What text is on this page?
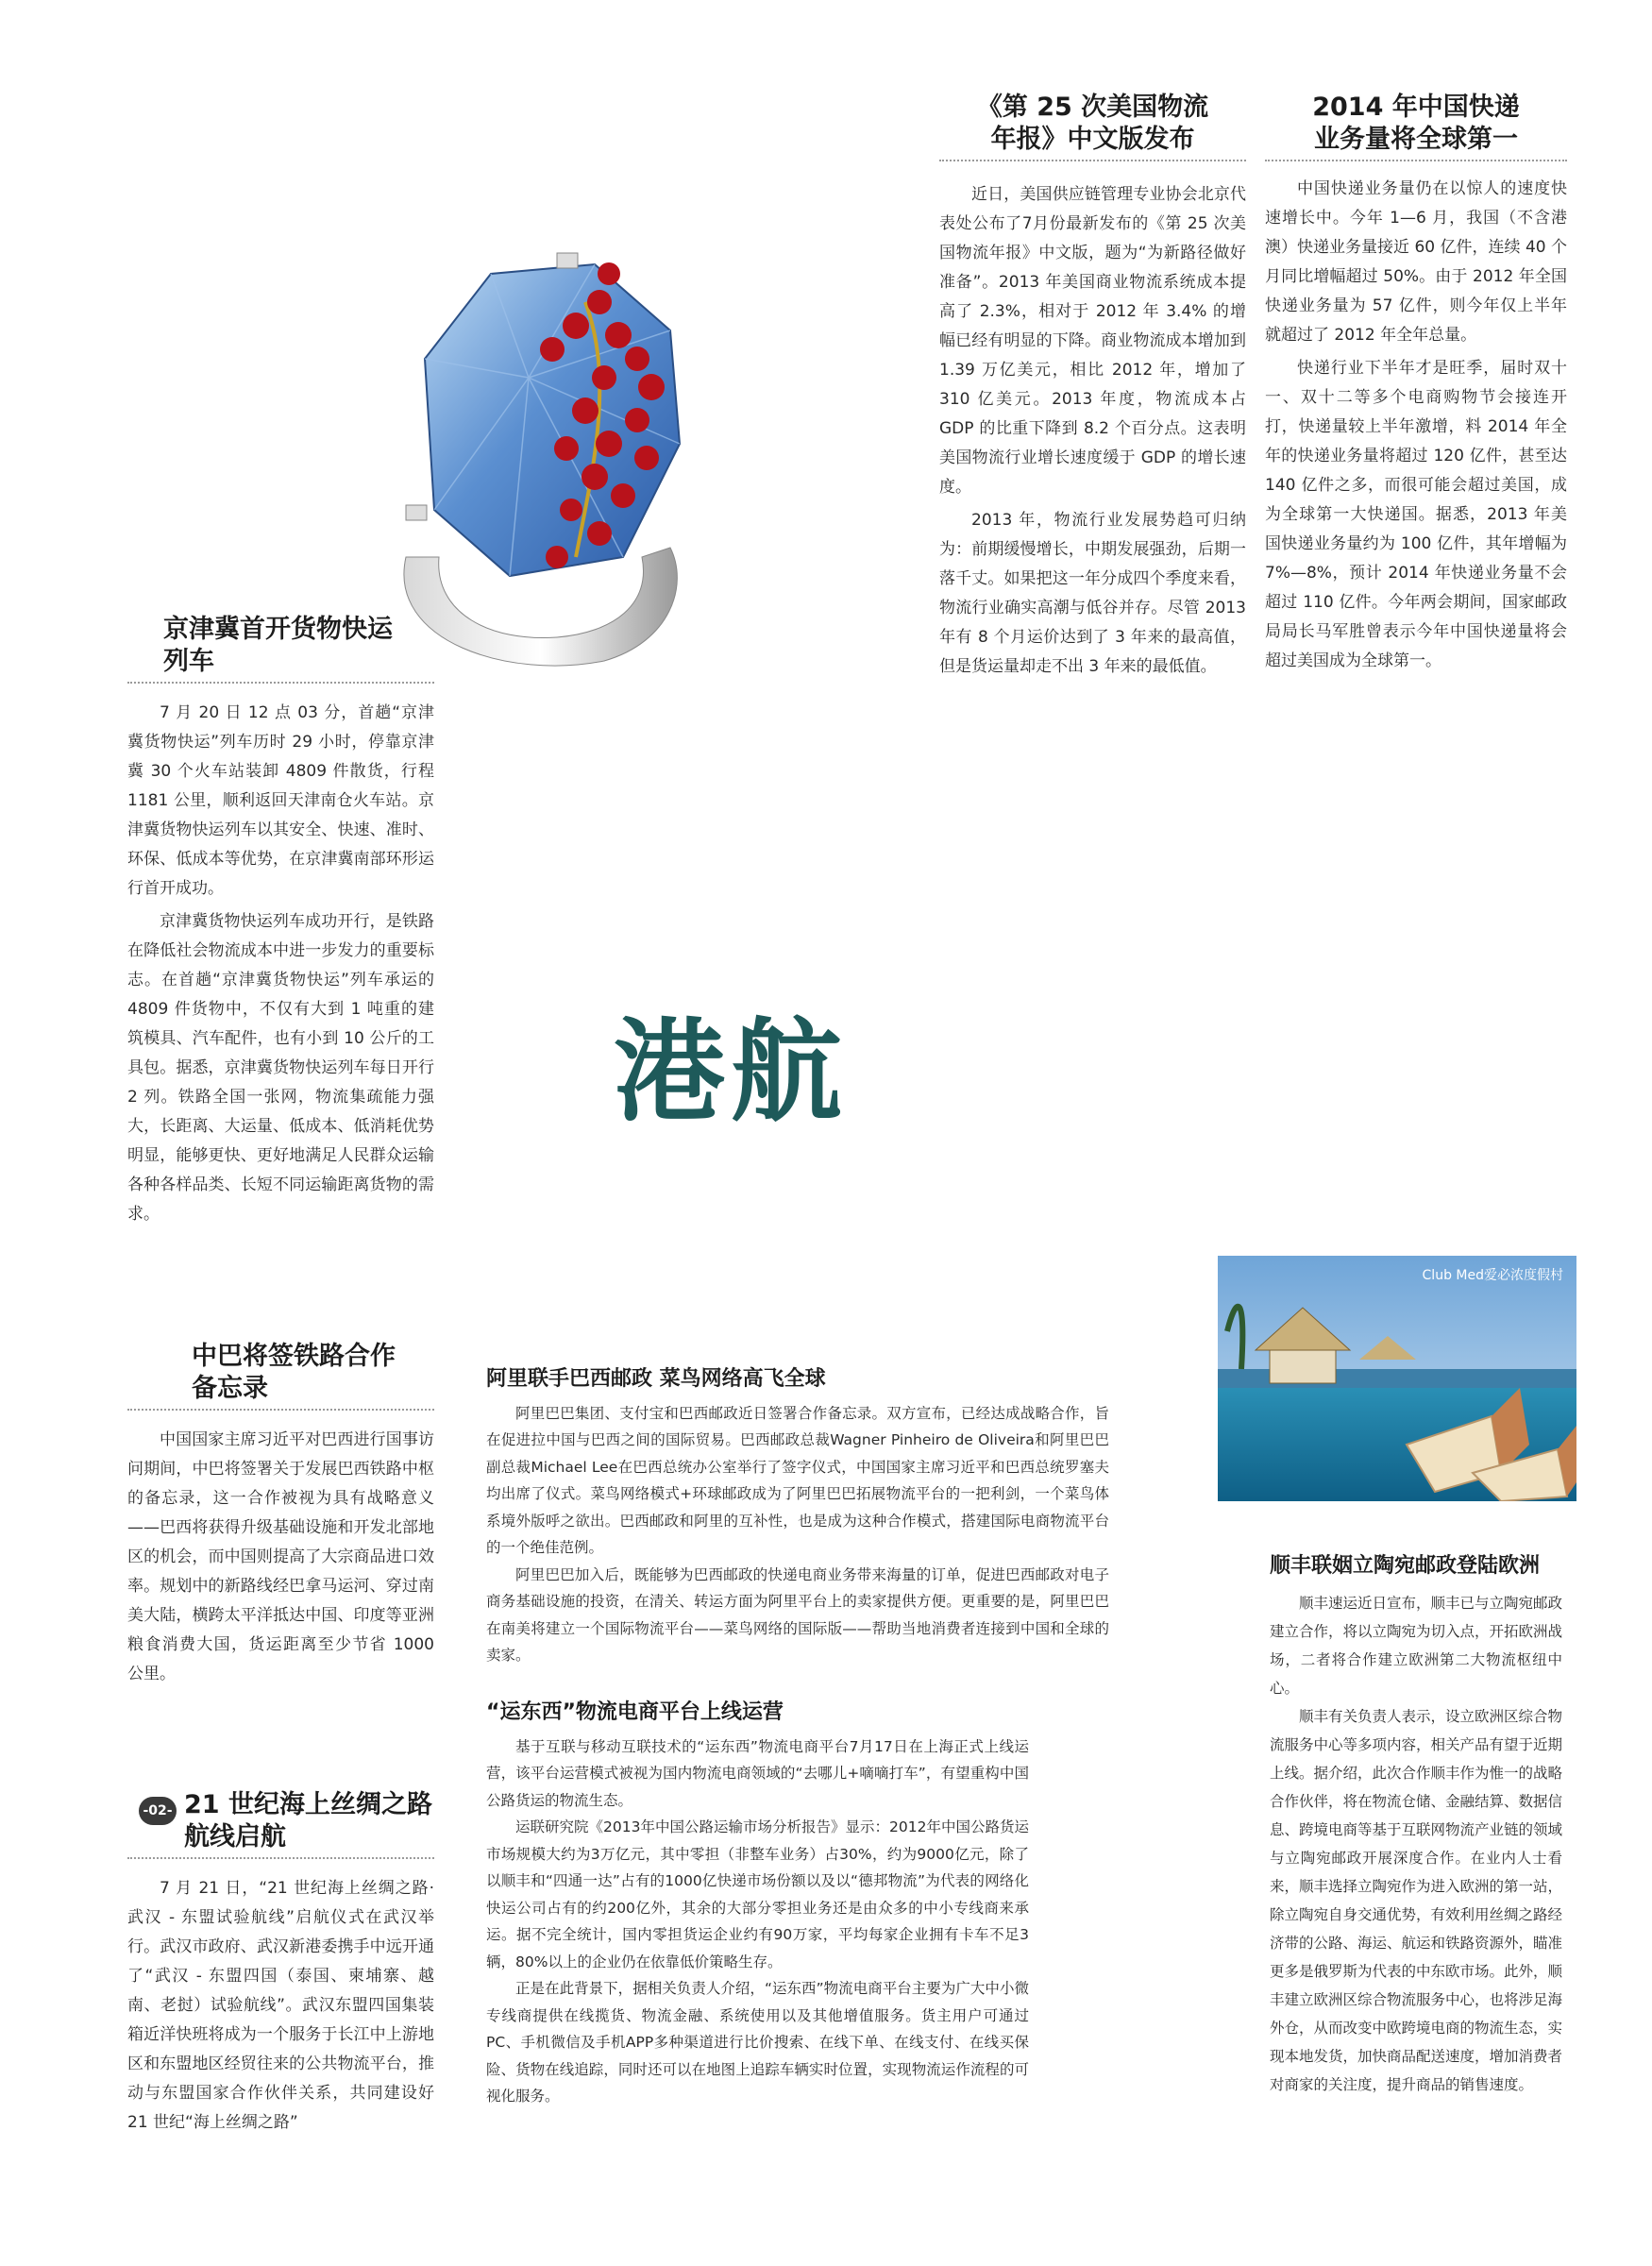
《第 25 次美国物流
年报》中文版发布

近日，美国供应链管理专业协会北京代表处公布了7月份最新发布的《第 25 次美国物流年报》中文版，题为“为新路径做好准备”。2013 年美国商业物流系统成本提高了 2.3%，相对于 2012 年 3.4% 的增幅已经有明显的下降。商业物流成本增加到 1.39 万亿美元，相比 2012 年，增加了 310 亿美元。2013 年度，物流成本占 GDP 的比重下降到 8.2 个百分点。这表明美国物流行业增长速度缓于 GDP 的增长速度。

2013 年，物流行业发展势趋可归纳为：前期缓慢增长，中期发展强劲，后期一落千丈。如果把这一年分成四个季度来看，物流行业确实高潮与低谷并存。尽管 2013 年有 8 个月运价达到了 3 年来的最高值，但是货运量却走不出 3 年来的最低值。

2014 年中国快递
业务量将全球第一

中国快递业务量仍在以惊人的速度快速增长中。今年 1—6 月，我国（不含港澳）快递业务量接近 60 亿件，连续 40 个月同比增幅超过 50%。由于 2012 年全国快递业务量为 57 亿件，则今年仅上半年就超过了 2012 年全年总量。

快递行业下半年才是旺季，届时双十一、双十二等多个电商购物节会接连开打，快递量较上半年激增，料 2014 年全年的快递业务量将超过 120 亿件，甚至达 140 亿件之多，而很可能会超过美国，成为全球第一大快递国。据悉，2013 年美国快递业务量约为 100 亿件，其年增幅为 7%—8%，预计 2014 年快递业务量不会超过 110 亿件。今年两会期间，国家邮政局局长马军胜曾表示今年中国快递量将会超过美国成为全球第一。

京津冀首开货物快运
列车

7 月 20 日 12 点 03 分，首趟“京津冀货物快运”列车历时 29 小时，停靠京津冀 30 个火车站装卸 4809 件散货，行程 1181 公里，顺利返回天津南仓火车站。京津冀货物快运列车以其安全、快速、准时、环保、低成本等优势，在京津冀南部环形运行首开成功。

京津冀货物快运列车成功开行，是铁路在降低社会物流成本中进一步发力的重要标志。在首趟“京津冀货物快运”列车承运的 4809 件货物中，不仅有大到 1 吨重的建筑模具、汽车配件，也有小到 10 公斤的工具包。据悉，京津冀货物快运列车每日开行 2 列。铁路全国一张网，物流集疏能力强大，长距离、大运量、低成本、低消耗优势明显，能够更快、更好地满足人民群众运输各种各样品类、长短不同运输距离货物的需求。

港航
Club Med爱必浓度假村
中巴将签铁路合作
备忘录

中国国家主席习近平对巴西进行国事访问期间，中巴将签署关于发展巴西铁路中枢的备忘录，这一合作被视为具有战略意义——巴西将获得升级基础设施和开发北部地区的机会，而中国则提高了大宗商品进口效率。规划中的新路线经巴拿马运河、穿过南美大陆，横跨太平洋抵达中国、印度等亚洲粮食消费大国，货运距离至少节省 1000 公里。

阿里联手巴西邮政 菜鸟网络高飞全球

阿里巴巴集团、支付宝和巴西邮政近日签署合作备忘录。双方宣布，已经达成战略合作，旨在促进拉中国与巴西之间的国际贸易。巴西邮政总裁Wagner Pinheiro de Oliveira和阿里巴巴副总裁Michael Lee在巴西总统办公室举行了签字仪式，中国国家主席习近平和巴西总统罗塞夫均出席了仪式。菜鸟网络模式+环球邮政成为了阿里巴巴拓展物流平台的一把利剑，一个菜鸟体系境外版呼之欲出。巴西邮政和阿里的互补性，也是成为这种合作模式，搭建国际电商物流平台的一个绝佳范例。

阿里巴巴加入后，既能够为巴西邮政的快递电商业务带来海量的订单，促进巴西邮政对电子商务基础设施的投资，在清关、转运方面为阿里平台上的卖家提供方便。更重要的是，阿里巴巴在南美将建立一个国际物流平台——菜鸟网络的国际版——帮助当地消费者连接到中国和全球的卖家。

“运东西”物流电商平台上线运营

基于互联与移动互联技术的“运东西”物流电商平台7月17日在上海正式上线运营，该平台运营模式被视为国内物流电商领域的“去哪儿+嘀嘀打车”，有望重构中国公路货运的物流生态。

运联研究院《2013年中国公路运输市场分析报告》显示：2012年中国公路货运市场规模大约为3万亿元，其中零担（非整车业务）占30%，约为9000亿元，除了以顺丰和“四通一达”占有的1000亿快递市场份额以及以“德邦物流”为代表的网络化快运公司占有的约200亿外，其余的大部分零担业务还是由众多的中小专线商来承运。据不完全统计，国内零担货运企业约有90万家，平均每家企业拥有卡车不足3辆，80%以上的企业仍在依靠低价策略生存。

正是在此背景下，据相关负责人介绍，“运东西”物流电商平台主要为广大中小微专线商提供在线揽货、物流金融、系统使用以及其他增值服务。货主用户可通过PC、手机微信及手机APP多种渠道进行比价搜索、在线下单、在线支付、在线买保险、货物在线追踪，同时还可以在地图上追踪车辆实时位置，实现物流运作流程的可视化服务。

-02- 21 世纪海上丝绸之路
航线启航

7 月 21 日，“21 世纪海上丝绸之路·武汉 - 东盟试验航线”启航仪式在武汉举行。武汉市政府、武汉新港委携手中远开通了“武汉 - 东盟四国（泰国、柬埔寨、越南、老挝）试验航线”。武汉东盟四国集装箱近洋快班将成为一个服务于长江中上游地区和东盟地区经贸往来的公共物流平台，推动与东盟国家合作伙伴关系，共同建设好 21 世纪“海上丝绸之路”

顺丰联姻立陶宛邮政登陆欧洲

顺丰速运近日宣布，顺丰已与立陶宛邮政建立合作，将以立陶宛为切入点，开拓欧洲战场，二者将合作建立欧洲第二大物流枢纽中心。

顺丰有关负责人表示，设立欧洲区综合物流服务中心等多项内容，相关产品有望于近期上线。据介绍，此次合作顺丰作为惟一的战略合作伙伴，将在物流仓储、金融结算、数据信息、跨境电商等基于互联网物流产业链的领域与立陶宛邮政开展深度合作。在业内人士看来，顺丰选择立陶宛作为进入欧洲的第一站，除立陶宛自身交通优势，有效利用丝绸之路经济带的公路、海运、航运和铁路资源外，瞄准更多是俄罗斯为代表的中东欧市场。此外，顺丰建立欧洲区综合物流服务中心，也将涉足海外仓，从而改变中欧跨境电商的物流生态，实现本地发货，加快商品配送速度，增加消费者对商家的关注度，提升商品的销售速度。
